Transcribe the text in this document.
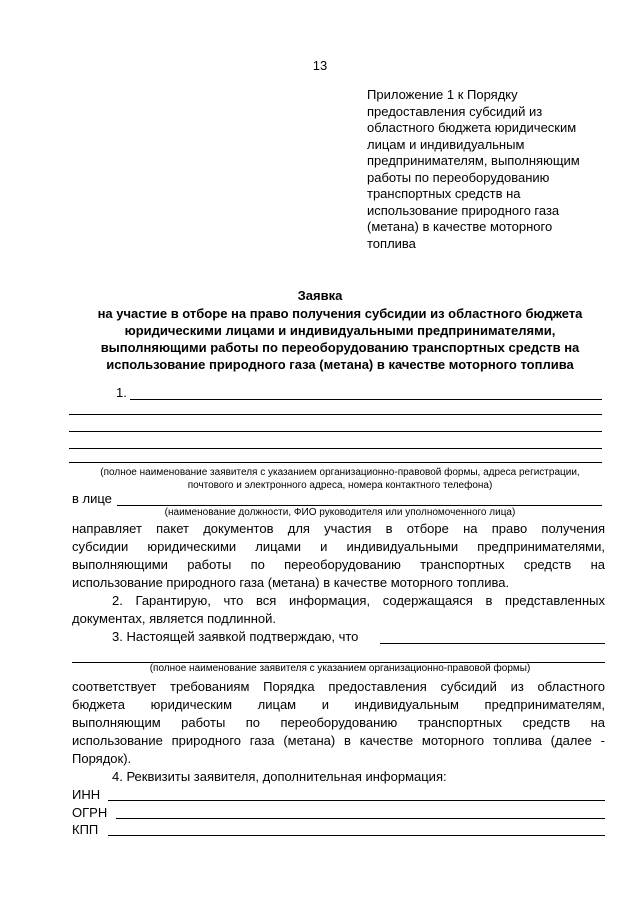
13
Приложение 1 к Порядку
предоставления субсидий из
областного бюджета юридическим
лицам и индивидуальным
предпринимателям, выполняющим
работы по переоборудованию
транспортных средств на
использование природного газа
(метана) в качестве моторного
топлива
Заявка
на участие в отборе на право получения субсидии из областного бюджета
юридическими лицами и индивидуальными предпринимателями,
выполняющими работы по переоборудованию транспортных средств на
использование природного газа (метана) в качестве моторного топлива
1.
(полное наименование заявителя с указанием организационно-правовой формы, адреса регистрации,
почтового и электронного адреса, номера контактного телефона)
в лице
(наименование должности, ФИО руководителя или уполномоченного лица)
направляет пакет документов для участия в отборе на право получения
субсидии юридическими лицами и индивидуальными предпринимателями,
выполняющими работы по переоборудованию транспортных средств на
использование природного газа (метана) в качестве моторного топлива.
2. Гарантирую, что вся информация, содержащаяся в представленных
документах, является подлинной.
3. Настоящей заявкой подтверждаю, что
(полное наименование заявителя с указанием организационно-правовой формы)
соответствует требованиям Порядка предоставления субсидий из областного
бюджета юридическим лицам и индивидуальным предпринимателям,
выполняющим работы по переоборудованию транспортных средств на
использование природного газа (метана) в качестве моторного топлива (далее -
Порядок).
4. Реквизиты заявителя, дополнительная информация:
ИНН
ОГРН
КПП
